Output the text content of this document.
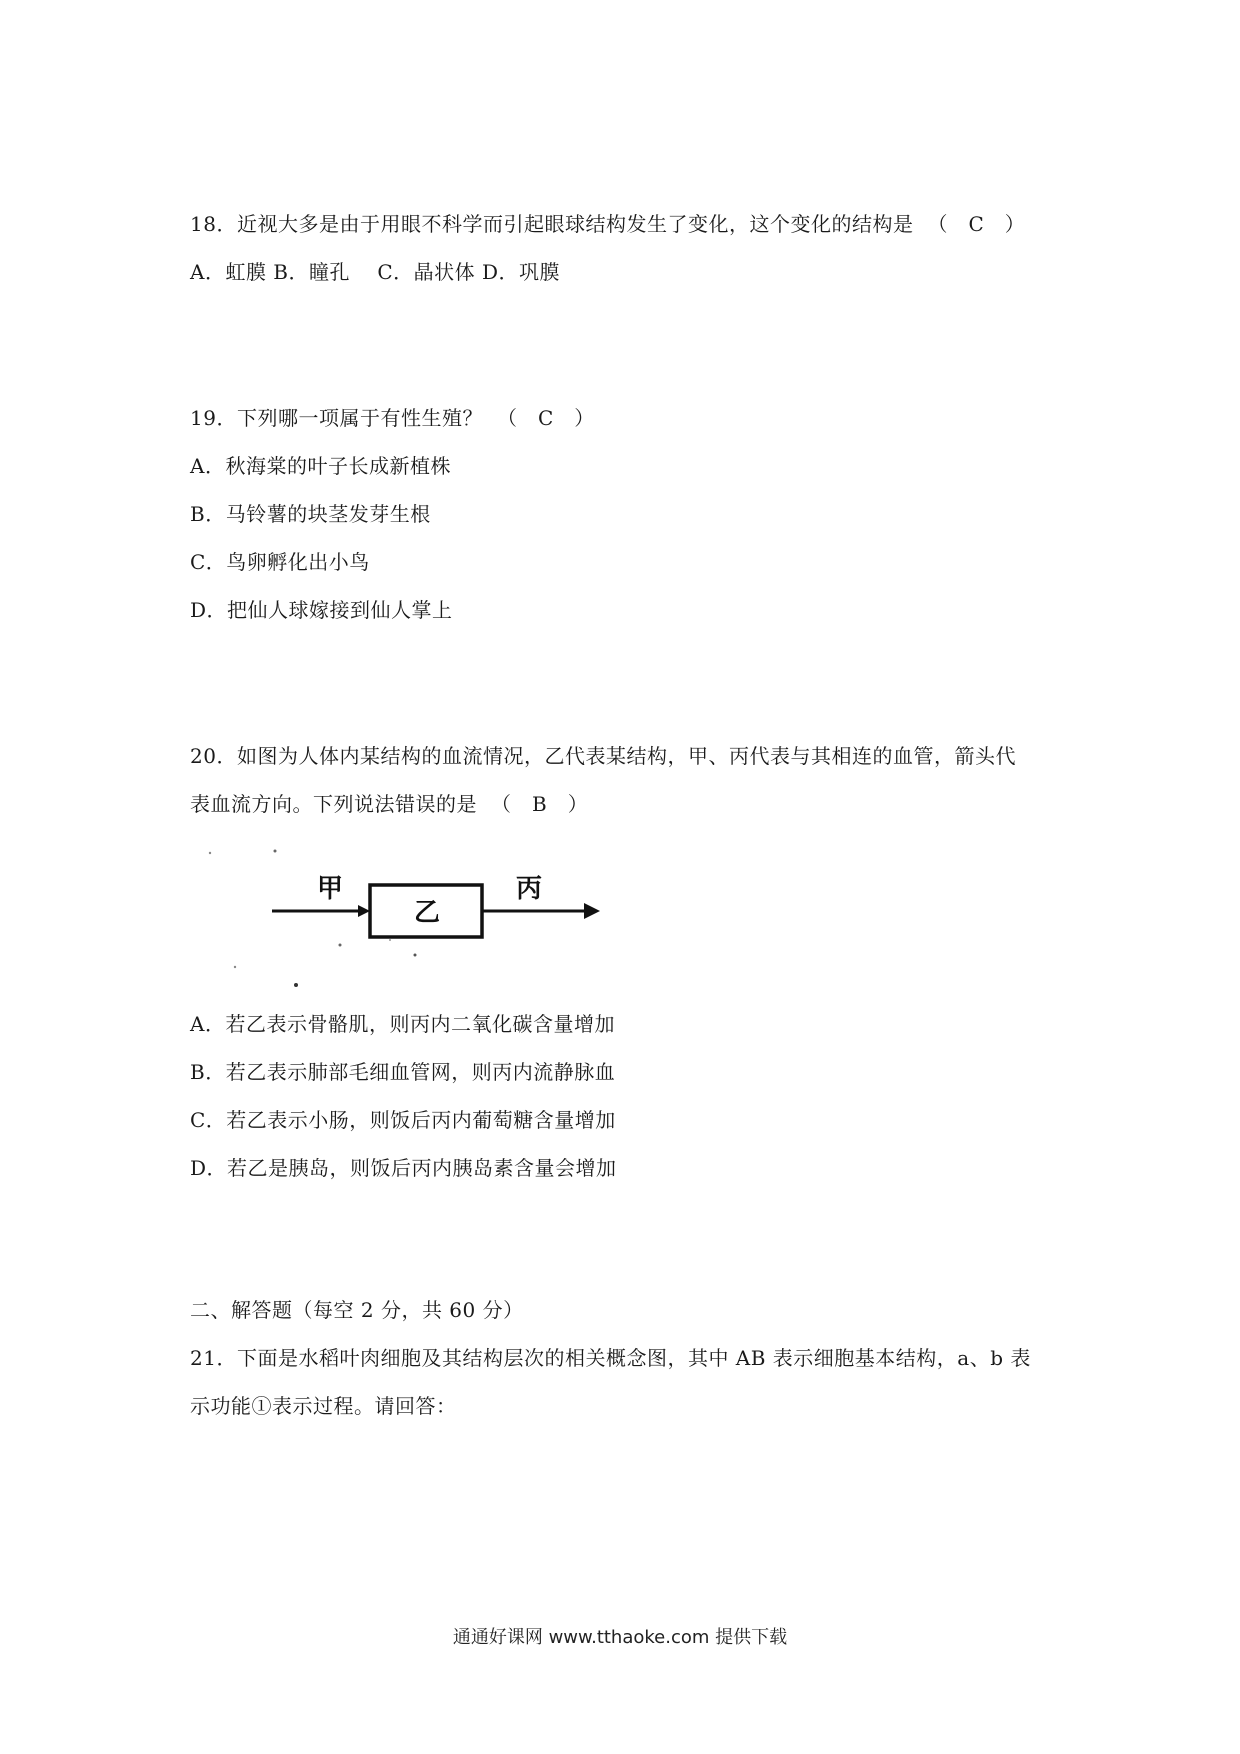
18．近视大多是由于用眼不科学而引起眼球结构发生了变化，这个变化的结构是 （　C　）
A．虹膜 B．瞳孔　 C．晶状体 D．巩膜
19．下列哪一项属于有性生殖？ （　C　）
A．秋海棠的叶子长成新植株
B．马铃薯的块茎发芽生根
C．鸟卵孵化出小鸟
D．把仙人球嫁接到仙人掌上
20．如图为人体内某结构的血流情况，乙代表某结构，甲、丙代表与其相连的血管，箭头代
表血流方向。下列说法错误的是 （　B　）
甲
乙
丙
A．若乙表示骨骼肌，则丙内二氧化碳含量增加
B．若乙表示肺部毛细血管网，则丙内流静脉血
C．若乙表示小肠，则饭后丙内葡萄糖含量增加
D．若乙是胰岛，则饭后丙内胰岛素含量会增加
二、解答题（每空 2 分，共 60 分）
21．下面是水稻叶肉细胞及其结构层次的相关概念图，其中 AB 表示细胞基本结构，a、b 表
示功能①表示过程。请回答：
通通好课网 www.tthaoke.com 提供下载
